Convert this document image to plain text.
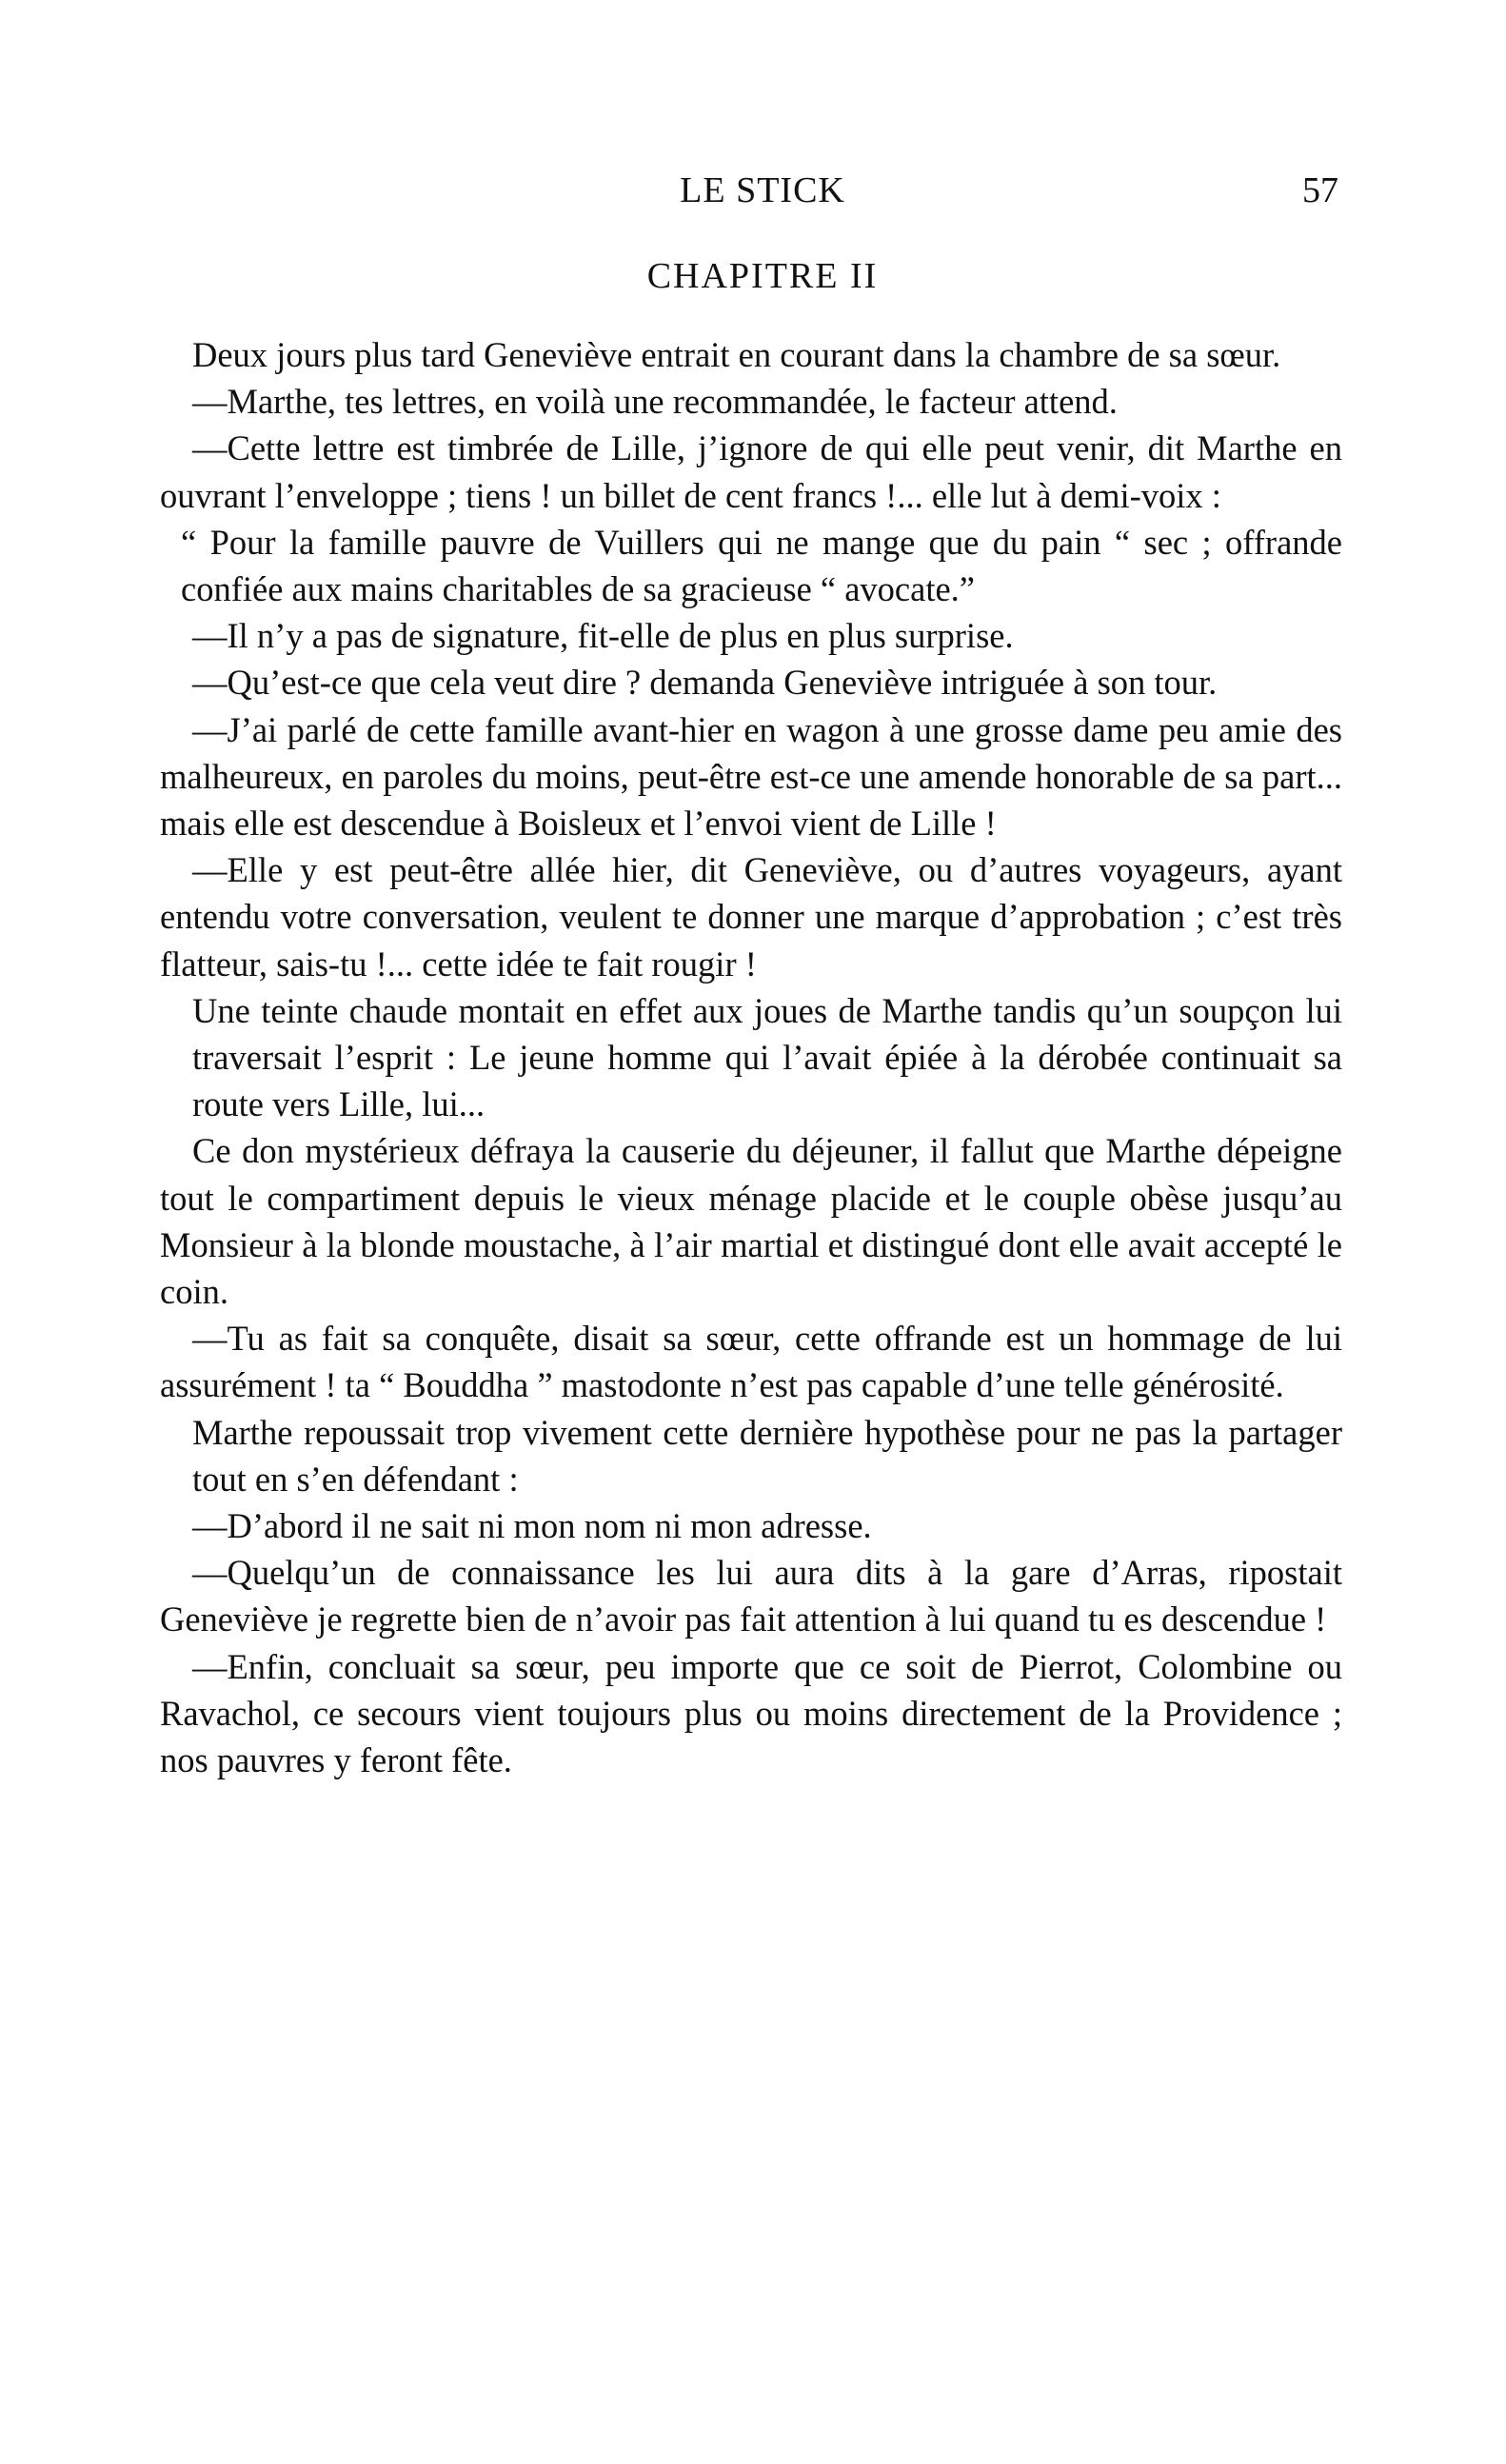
LE STICK	57
CHAPITRE II

Deux jours plus tard Geneviève entrait en courant dans la chambre de sa sœur.

—Marthe, tes lettres, en voilà une recommandée, le facteur attend.

—Cette lettre est timbrée de Lille, j’ignore de qui elle peut venir, dit Marthe en ouvrant l’enveloppe ; tiens ! un billet de cent francs !... elle lut à demi-voix :

“ Pour la famille pauvre de Vuillers qui ne mange que du pain “ sec ; offrande confiée aux mains charitables de sa gracieuse “ avocate.”

—Il n’y a pas de signature, fit-elle de plus en plus surprise.

—Qu’est-ce que cela veut dire ? demanda Geneviève intriguée à son tour.

—J’ai parlé de cette famille avant-hier en wagon à une grosse dame peu amie des malheureux, en paroles du moins, peut-être est-ce une amende honorable de sa part... mais elle est descendue à Boisleux et l’envoi vient de Lille !

—Elle y est peut-être allée hier, dit Geneviève, ou d’autres voyageurs, ayant entendu votre conversation, veulent te donner une marque d’approbation ; c’est très flatteur, sais-tu !... cette idée te fait rougir !

Une teinte chaude montait en effet aux joues de Marthe tandis qu’un soupçon lui traversait l’esprit : Le jeune homme qui l’avait épiée à la dérobée continuait sa route vers Lille, lui...

Ce don mystérieux défraya la causerie du déjeuner, il fallut que Marthe dépeigne tout le compartiment depuis le vieux ménage placide et le couple obèse jusqu’au Monsieur à la blonde moustache, à l’air martial et distingué dont elle avait accepté le coin.

—Tu as fait sa conquête, disait sa sœur, cette offrande est un hommage de lui assurément ! ta “ Bouddha ” mastodonte n’est pas capable d’une telle générosité.

Marthe repoussait trop vivement cette dernière hypothèse pour ne pas la partager tout en s’en défendant :

—D’abord il ne sait ni mon nom ni mon adresse.

—Quelqu’un de connaissance les lui aura dits à la gare d’Arras, ripostait Geneviève je regrette bien de n’avoir pas fait attention à lui quand tu es descendue !

—Enfin, concluait sa sœur, peu importe que ce soit de Pierrot, Colombine ou Ravachol, ce secours vient toujours plus ou moins directement de la Providence ; nos pauvres y feront fête.
